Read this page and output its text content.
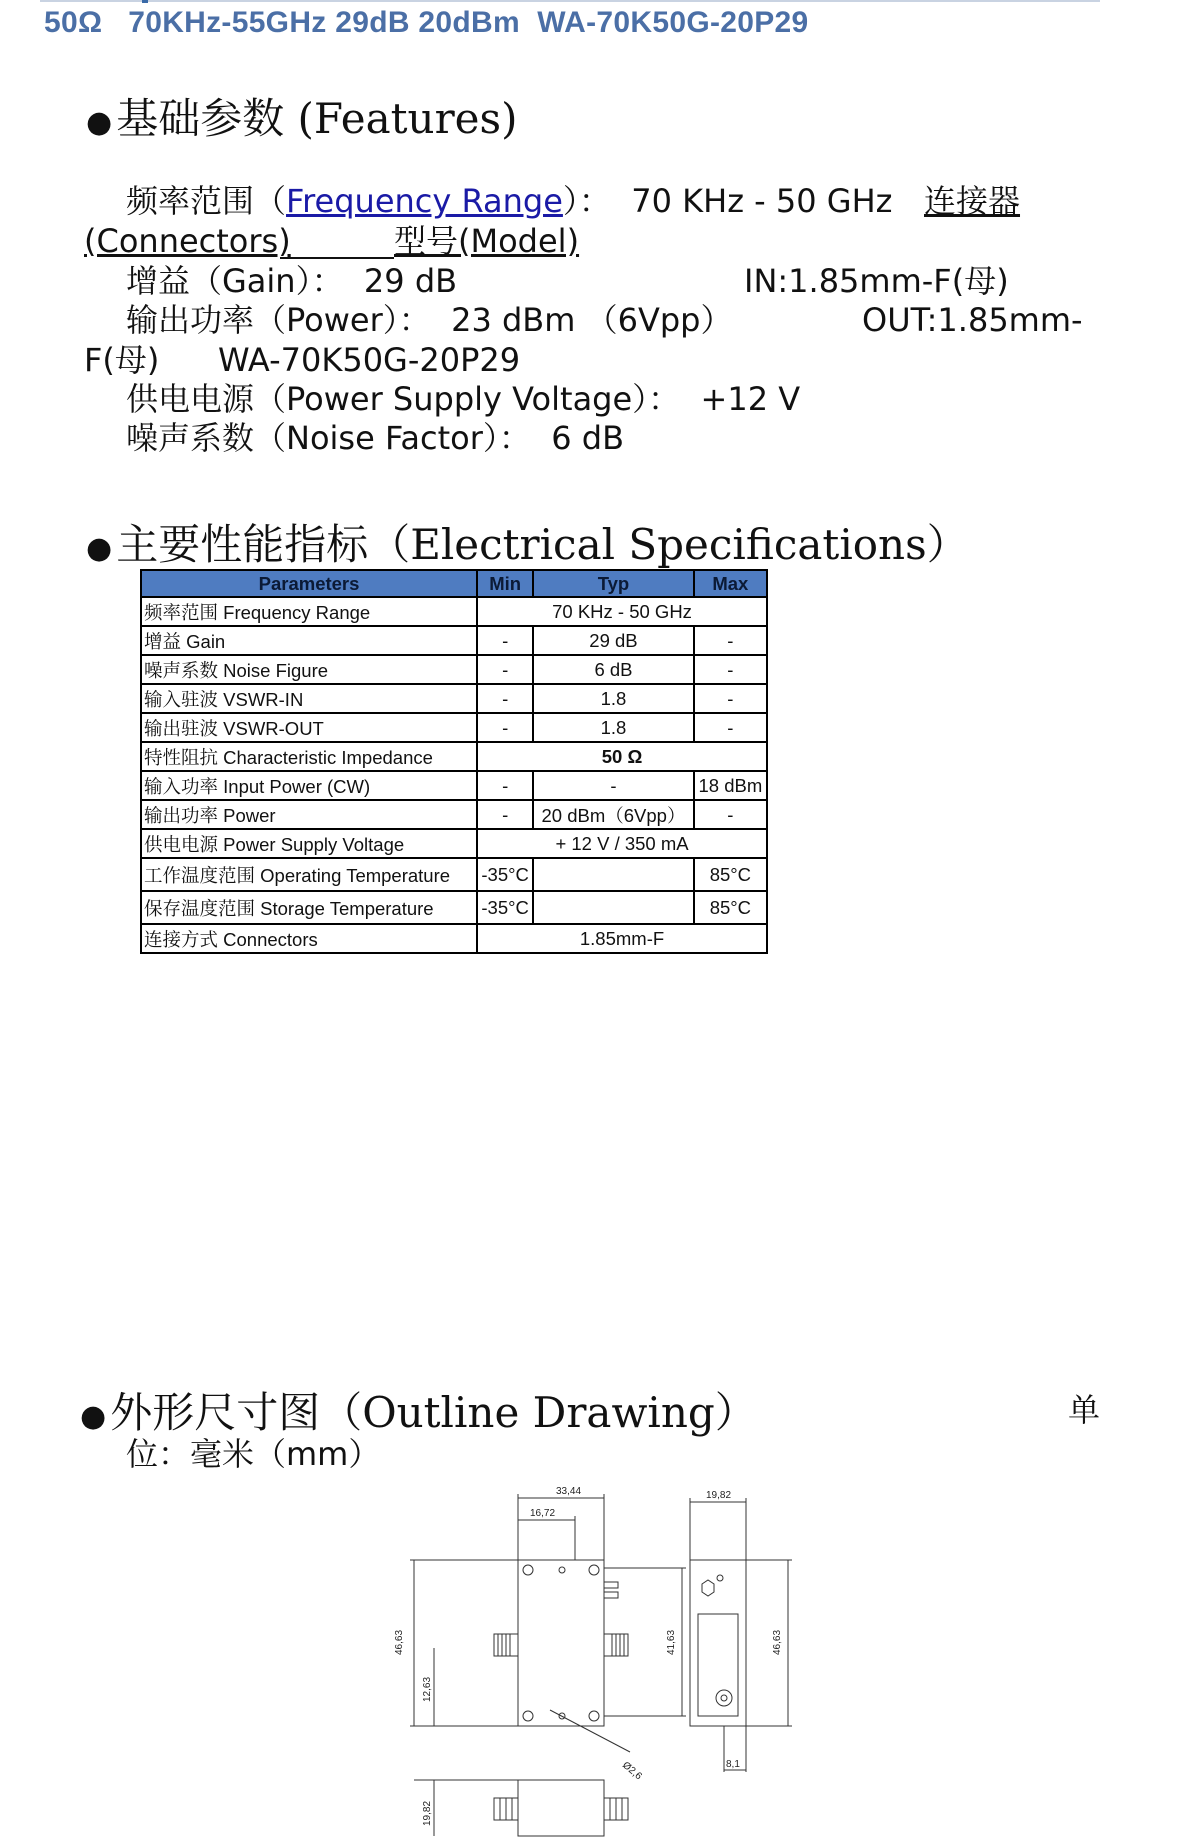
50Ω   70KHz-55GHz 29dB 20dBm  WA-70K50G-20P29
●基础参数 (Features)
频率范围（Frequency Range）：  70 KHz - 50 GHz 连接器
(Connectors)	型号(Model)
增益（Gain）：  29 dB	IN:1.85mm-F(母)
输出功率（Power）：  23 dBm （6Vpp）	OUT:1.85mm-
F(母) WA-70K50G-20P29
供电电源（Power Supply Voltage）：  +12 V
噪声系数（Noise Factor）：  6 dB
●主要性能指标（Electrical Specifications）
Parameters	Min	Typ	Max
频率范围 Frequency Range	70 KHz - 50 GHz		
增益 Gain	-	29 dB	-
噪声系数 Noise Figure	-	6 dB	-
输入驻波 VSWR-IN	-	1.8	-
输出驻波 VSWR-OUT	-	1.8	-
特性阻抗 Characteristic Impedance	50 Ω		
输入功率 Input Power (CW)	-	-	18 dBm
输出功率 Power	-	20 dBm（6Vpp）	-
供电电源 Power Supply Voltage	+ 12 V / 350 mA		
工作温度范围 Operating Temperature	-35°C		85°C
保存温度范围 Storage Temperature	-35°C		85°C
连接方式 Connectors	1.85mm-F		
●外形尺寸图（Outline Drawing）	单
位：毫米（mm）
33,44
16,72
46,63	41,63
12,63
Ø2,6
19,82
46,63
8,1
19,82
